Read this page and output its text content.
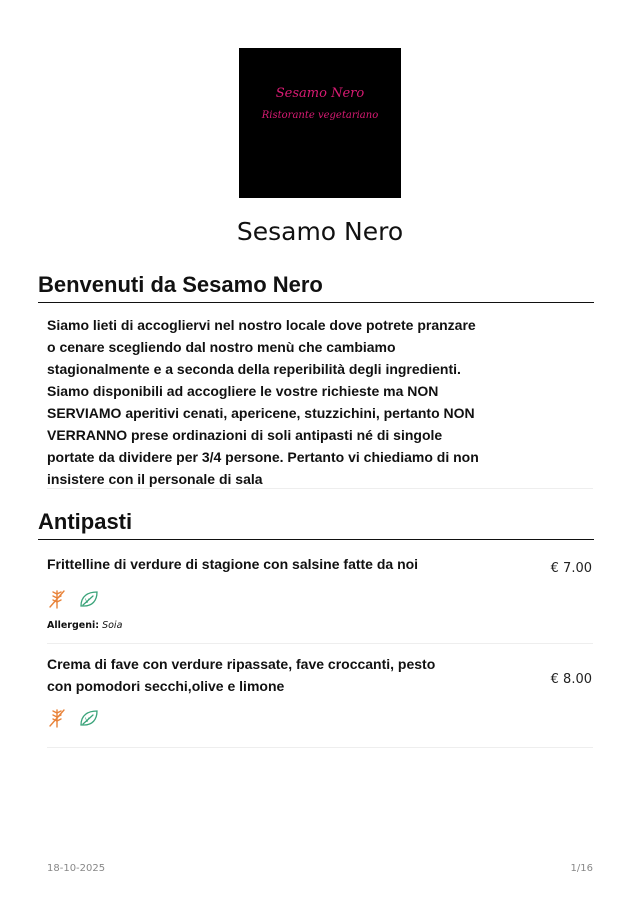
Sesamo Nero
Ristorante vegetariano
Sesamo Nero
Benvenuti da Sesamo Nero
Siamo lieti di accogliervi nel nostro locale dove potrete pranzare o cenare scegliendo dal nostro menù che cambiamo stagionalmente e a seconda della reperibilità degli ingredienti. Siamo disponibili ad accogliere le vostre richieste ma NON SERVIAMO aperitivi cenati, apericene, stuzzichini, pertanto NON VERRANNO prese ordinazioni di soli antipasti né di singole portate da dividere per 3/4 persone. Pertanto vi chiediamo di non insistere con il personale di sala
Antipasti
Frittelline di verdure di stagione con salsine fatte da noi	€ 7.00

V
Allergeni: Soia
Crema di fave con verdure ripassate, fave croccanti, pesto con pomodori secchi,olive e limone	€ 8.00

V
18-10-2025	1/16
